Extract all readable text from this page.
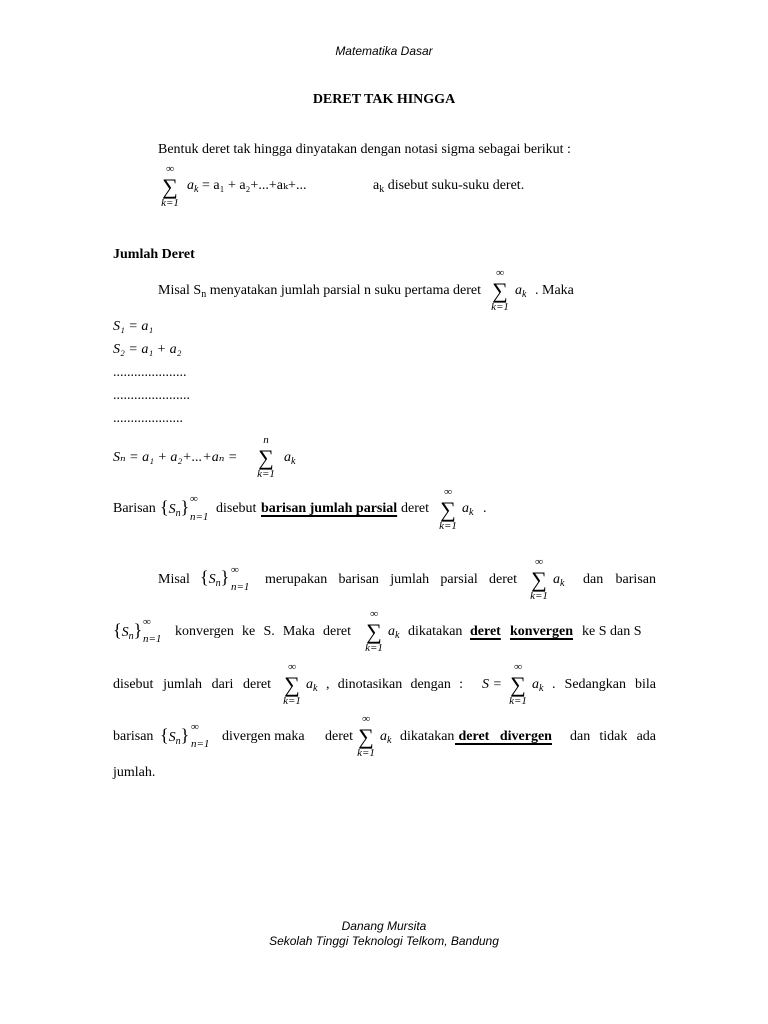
Matematika Dasar
DERET TAK HINGGA
Bentuk deret tak hingga dinyatakan dengan notasi sigma sebagai berikut :
∞
∑
k=1
$a_k = a_1 + a_2+...+a_k+$...	$a_k$ disebut suku-suku deret.
Jumlah Deret
Misal $S_n$ menyatakan jumlah parsial n suku pertama deret
∞
∑
k=1
$a_k$ . Maka
S₁ = a₁
S₂ = a₁ + a₂
.....................
......................
....................
Sₙ = a₁ + a₂+...+aₙ =
n
∑
k=1
$a_k$
Barisan $\{S_n\}$ ∞
n=1
disebut barisan jumlah parsial deret
∞
∑
k=1
$a_k$ .
Misal $\{S_n\}$ ∞
n=1 merupakan barisan jumlah parsial deret
∞
∑
k=1
$a_k$ dan barisan
$\{S_n\}$ ∞
n=1 konvergen ke S. Maka deret
∞
∑
k=1
$a_k$ dikatakan deret konvergen ke S dan S
disebut jumlah dari deret
∞
∑
k=1
$a_k$ , dinotasikan dengan : S =
∞
∑
k=1
$a_k$ . Sedangkan bila
barisan $\{S_n\}$ ∞
n=1 divergen maka deret
∞
∑
k=1
$a_k$ dikatakan deret   divergen dan tidak ada
jumlah.
Danang Mursita
Sekolah Tinggi Teknologi Telkom, Bandung
